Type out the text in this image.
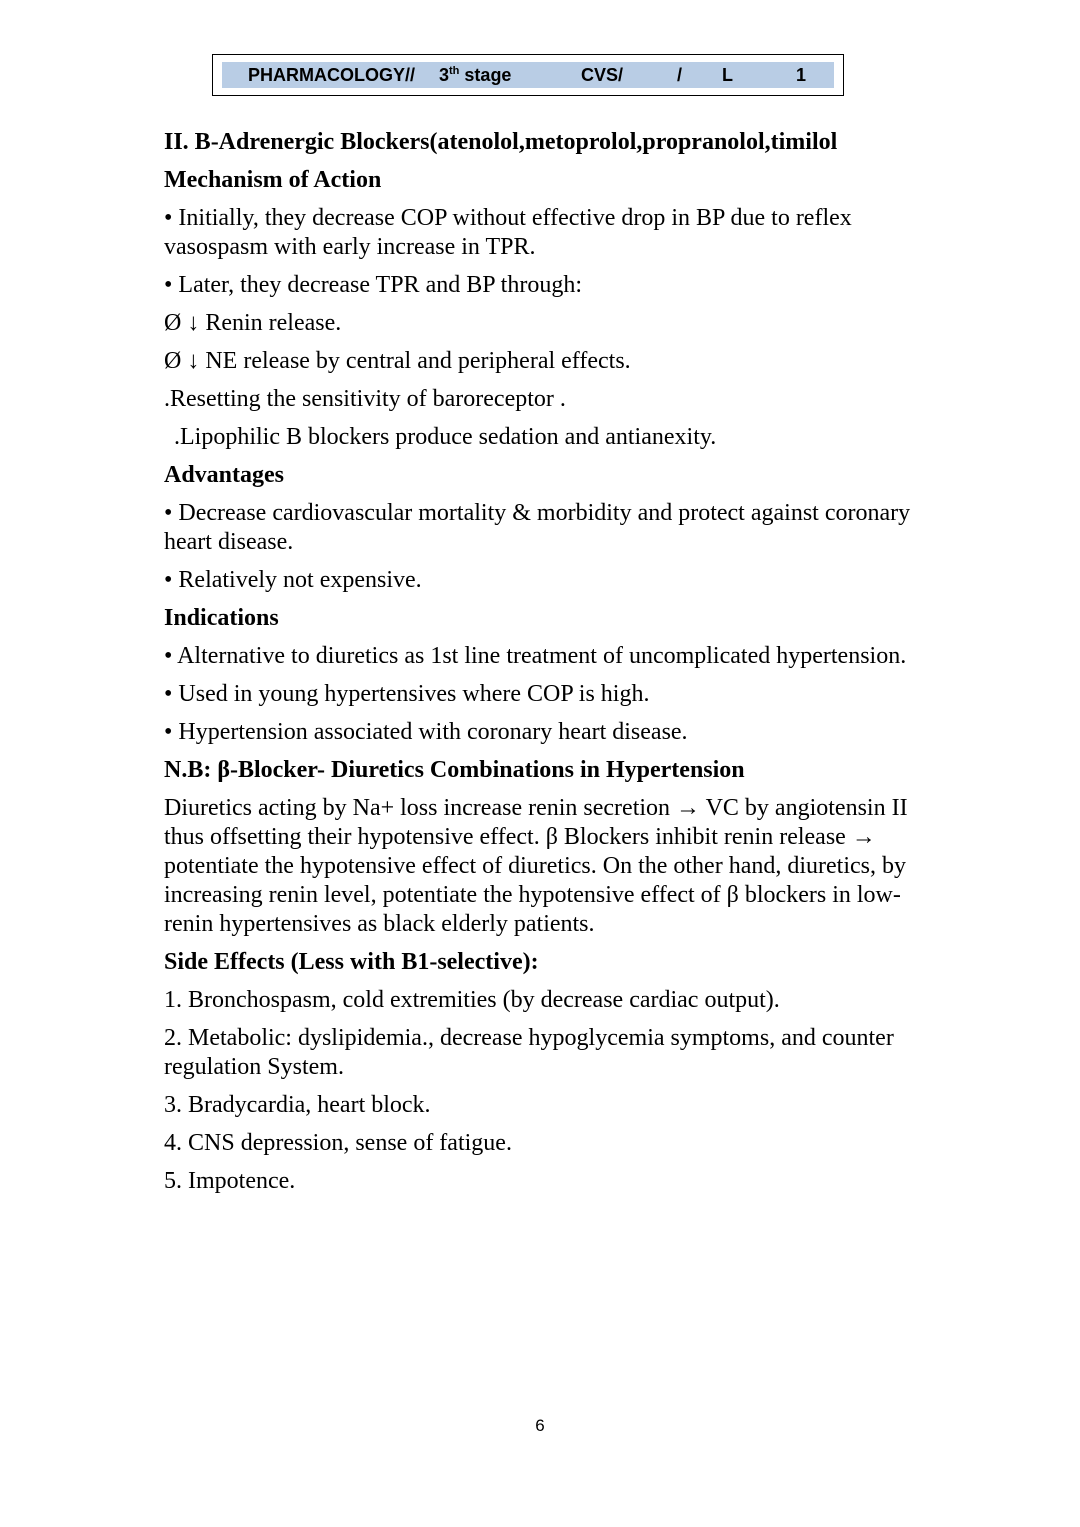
PHARMACOLOGY// 3th stage	CVS/	/ L	1

II. B-Adrenergic Blockers(atenolol,metoprolol,propranolol,timilol

Mechanism of Action

• Initially, they decrease COP without effective drop in BP due to reflex vasospasm with early increase in TPR.

• Later, they decrease TPR and BP through:

Ø ↓ Renin release.

Ø ↓ NE release by central and peripheral effects.

.Resetting the sensitivity of baroreceptor .

.Lipophilic B blockers produce sedation and antianexity.

Advantages

• Decrease cardiovascular mortality & morbidity and protect against coronary heart disease.

• Relatively not expensive.

Indications

• Alternative to diuretics as 1st line treatment of uncomplicated hypertension.

• Used in young hypertensives where COP is high.

• Hypertension associated with coronary heart disease.

N.B: β-Blocker- Diuretics Combinations in Hypertension

Diuretics acting by Na+ loss increase renin secretion → VC by angiotensin II thus offsetting their hypotensive effect. β Blockers inhibit renin release → potentiate the hypotensive effect of diuretics. On the other hand, diuretics, by increasing renin level, potentiate the hypotensive effect of β blockers in low-renin hypertensives as black elderly patients.

Side Effects (Less with B1-selective):

1. Bronchospasm, cold extremities (by decrease cardiac output).

2. Metabolic: dyslipidemia., decrease hypoglycemia symptoms, and counter regulation System.

3. Bradycardia, heart block.

4. CNS depression, sense of fatigue.

5. Impotence.

6
